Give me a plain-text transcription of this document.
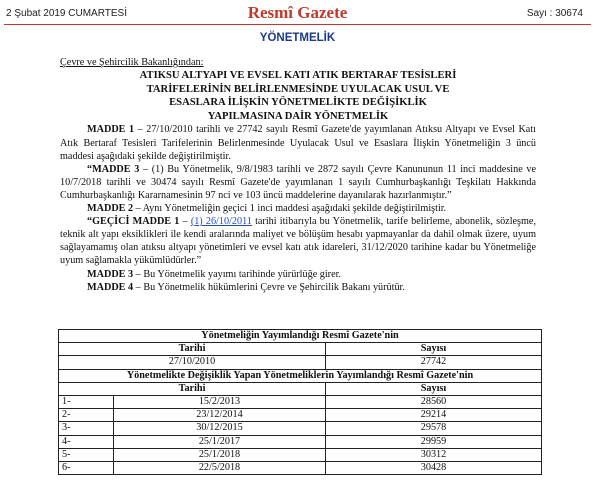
Resmî Gazete
2 Şubat 2019 CUMARTESİ	Sayı : 30674
YÖNETMELİK
Çevre ve Şehircilik Bakanlığından:
ATIKSU ALTYAPI VE EVSEL KATI ATIK BERTARAF TESİSLERİ
TARİFELERİNİN BELİRLENMESİNDE UYULACAK USUL VE
ESASLARA İLİŞKİN YÖNETMELİKTE DEĞİŞİKLİK
YAPILMASINA DAİR YÖNETMELİK
MADDE 1 – 27/10/2010 tarihli ve 27742 sayılı Resmî Gazete'de yayımlanan Atıksu Altyapı ve Evsel Katı Atık Bertaraf Tesisleri Tarifelerinin Belirlenmesinde Uyulacak Usul ve Esaslara İlişkin Yönetmeliğin 3 üncü maddesi aşağıdaki şekilde değiştirilmiştir.
“MADDE 3 – (1) Bu Yönetmelik, 9/8/1983 tarihli ve 2872 sayılı Çevre Kanununun 11 inci maddesine ve 10/7/2018 tarihli ve 30474 sayılı Resmî Gazete'de yayımlanan 1 sayılı Cumhurbaşkanlığı Teşkilatı Hakkında Cumhurbaşkanlığı Kararnamesinin 97 nci ve 103 üncü maddelerine dayanılarak hazırlanmıştır.”
MADDE 2 – Aynı Yönetmeliğin geçici 1 inci maddesi aşağıdaki şekilde değiştirilmiştir.
“GEÇİCİ MADDE 1 – (1) 26/10/2011 tarihi itibarıyla bu Yönetmelik, tarife belirleme, abonelik, sözleşme, teknik alt yapı eksiklikleri ile kendi aralarında maliyet ve bölüşüm hesabı yapmayanlar da dahil olmak üzere, uyum sağlayamamış olan atıksu altyapı yönetimleri ve evsel katı atık idareleri, 31/12/2020 tarihine kadar bu Yönetmeliğe uyum sağlamakla yükümlüdürler.”
MADDE 3 – Bu Yönetmelik yayımı tarihinde yürürlüğe girer.
MADDE 4 – Bu Yönetmelik hükümlerini Çevre ve Şehircilik Bakanı yürütür.
Yönetmeliğin Yayımlandığı Resmî Gazete'nin		
Tarihi		Sayısı
27/10/2010		27742
Yönetmelikte Değişiklik Yapan Yönetmeliklerin Yayımlandığı Resmî Gazete'nin		
Tarihi		Sayısı
1-	15/2/2013	28560
2-	23/12/2014	29214
3-	30/12/2015	29578
4-	25/1/2017	29959
5-	25/1/2018	30312
6-	22/5/2018	30428
